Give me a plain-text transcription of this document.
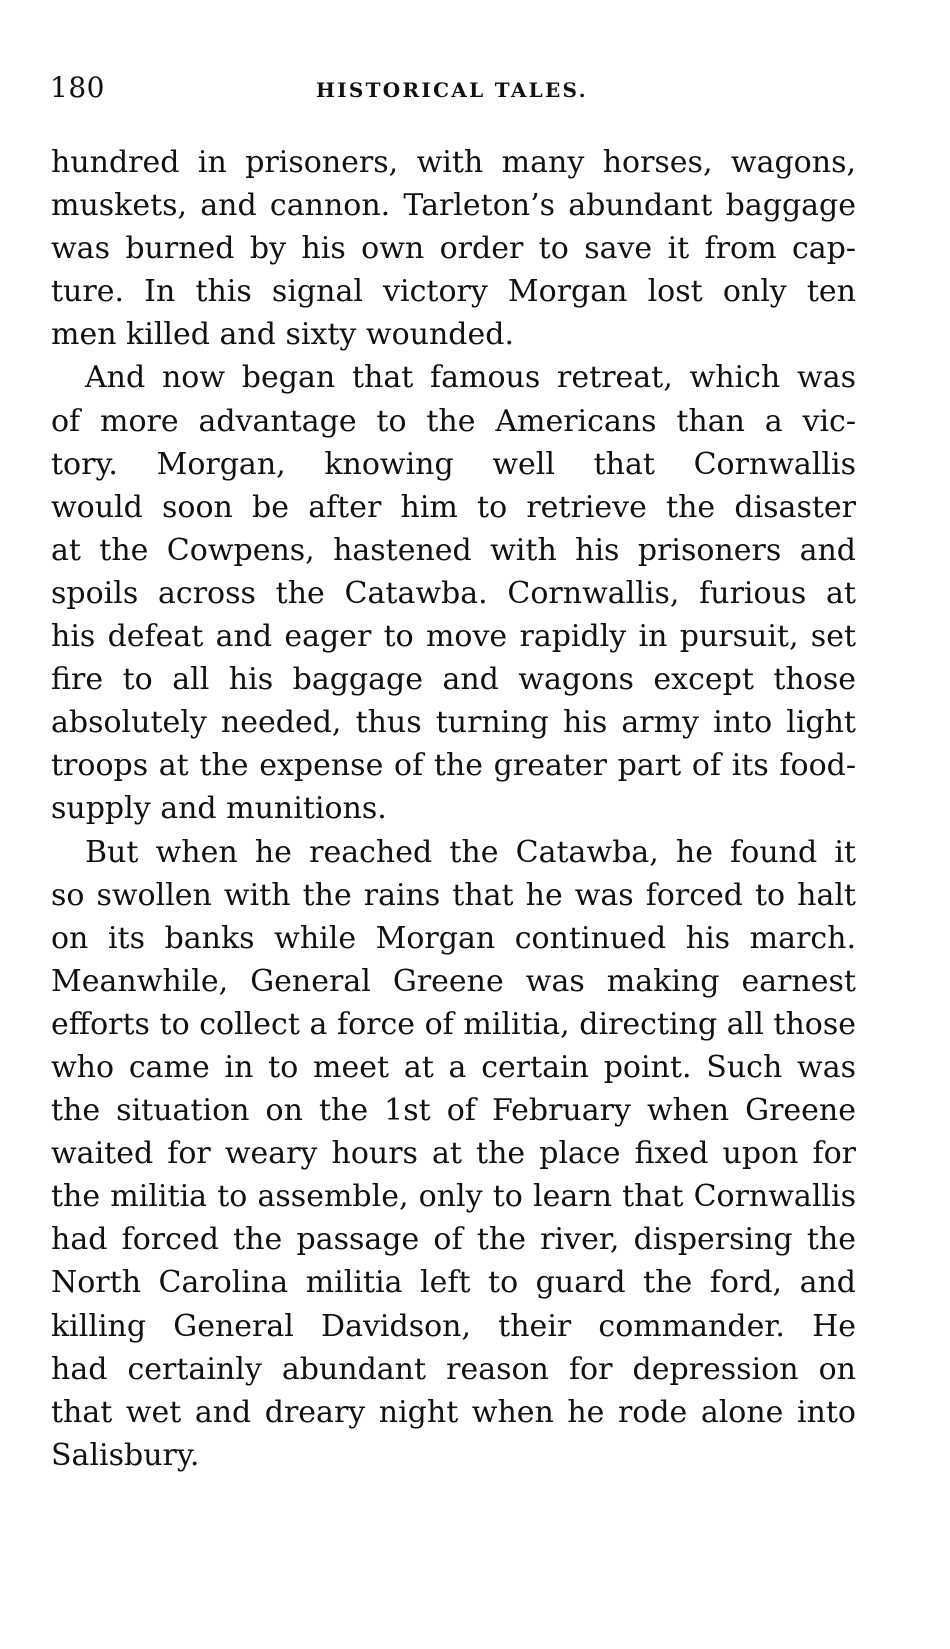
180	HISTORICAL TALES.
hundred in prisoners, with many horses, wagons,
muskets, and cannon. Tarleton’s abundant baggage
was burned by his own order to save it from cap-
ture. In this signal victory Morgan lost only ten
men killed and sixty wounded.
And now began that famous retreat, which was
of more advantage to the Americans than a vic-
tory. Morgan, knowing well that Cornwallis
would soon be after him to retrieve the disaster
at the Cowpens, hastened with his prisoners and
spoils across the Catawba. Cornwallis, furious at
his defeat and eager to move rapidly in pursuit, set
fire to all his baggage and wagons except those
absolutely needed, thus turning his army into light
troops at the expense of the greater part of its food-
supply and munitions.
But when he reached the Catawba, he found it
so swollen with the rains that he was forced to halt
on its banks while Morgan continued his march.
Meanwhile, General Greene was making earnest
efforts to collect a force of militia, directing all those
who came in to meet at a certain point. Such was
the situation on the 1st of February when Greene
waited for weary hours at the place fixed upon for
the militia to assemble, only to learn that Cornwallis
had forced the passage of the river, dispersing the
North Carolina militia left to guard the ford, and
killing General Davidson, their commander. He
had certainly abundant reason for depression on
that wet and dreary night when he rode alone into
Salisbury.
